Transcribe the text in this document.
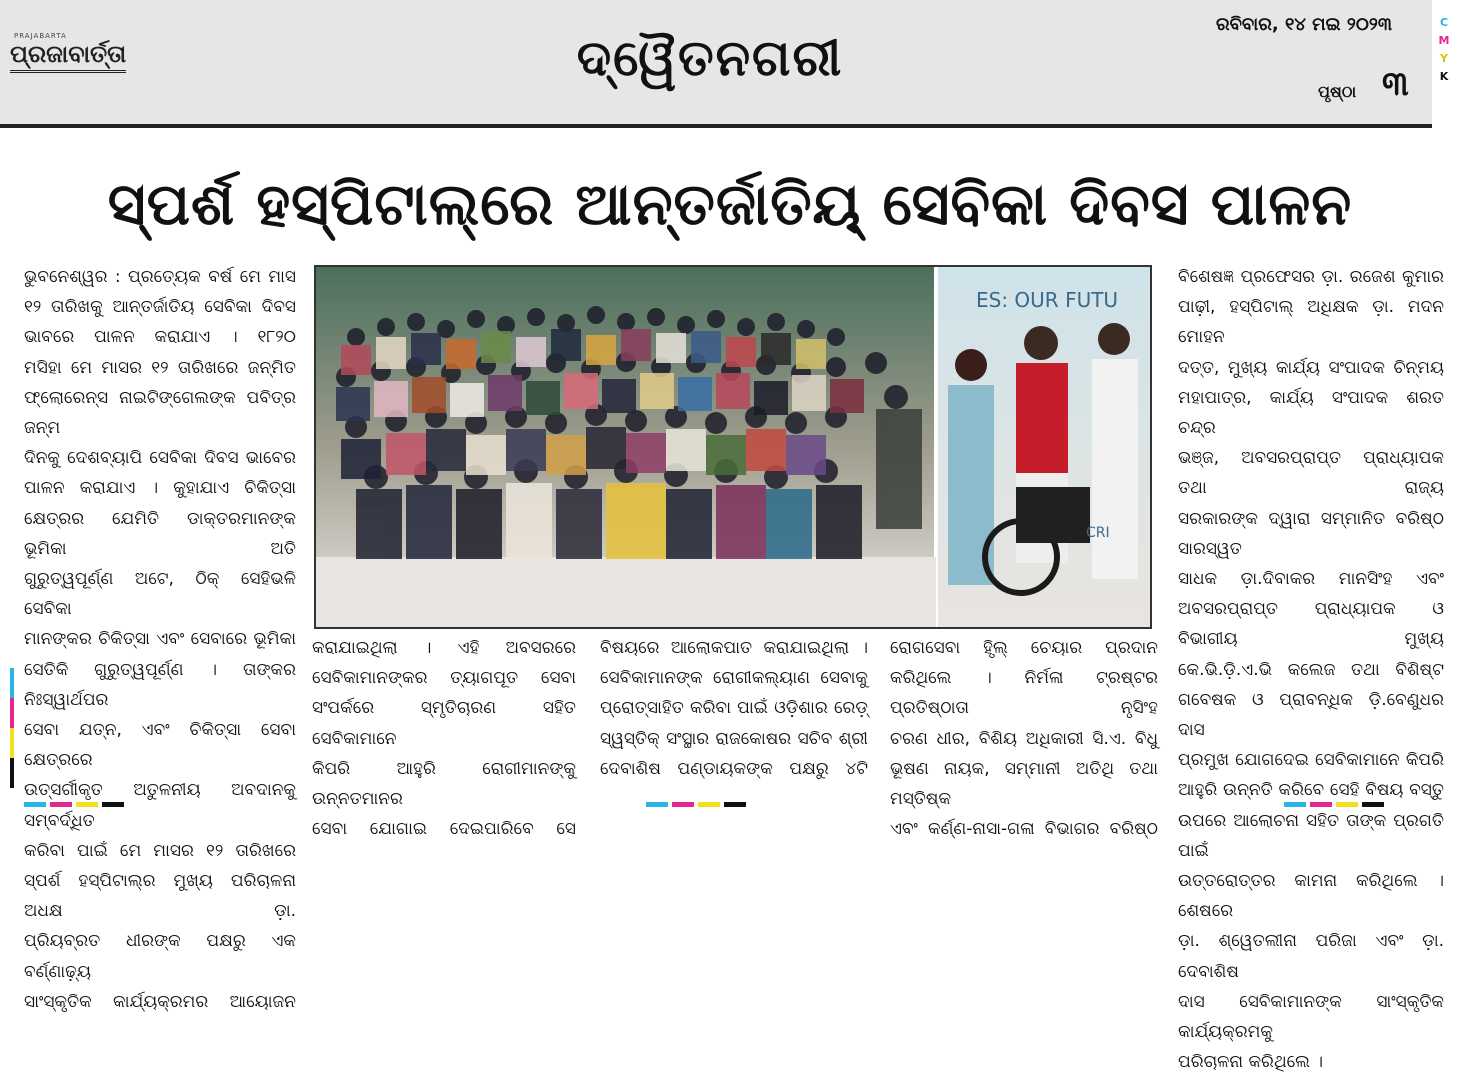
PRAJABARTA
ପ୍ରଜାବାର୍ତ୍ତା	ଦ୍ୱୈତନଗରୀ
ରବିବାର, ୧୪ ମଇ ୨୦୨୩
ପୃଷ୍ଠା ୩
C
M
Y
K
ସ୍ପର୍ଶ ହସ୍ପିଟାଲ୍‌ରେ ଆନ୍ତର୍ଜାତିୟ୍ ସେବିକା ଦିବସ ପାଳନ
ଭୁବନେଶ୍ୱର : ପ୍ରତ୍ୟେକ ବର୍ଷ ମେ ମାସ
୧୨ ତାରିଖକୁ ଆନ୍ତର୍ଜାତିୟ ସେବିକା ଦିବସ
ଭାବରେ ପାଳନ କରାଯାଏ । ୧୮୨୦
ମସିହା ମେ ମାସର ୧୨ ତାରିଖରେ ଜନ୍ମିତ
ଫ୍ଲୋରେନ୍ସ ନାଇଟିଙ୍ଗେଲଙ୍କ ପବିତ୍ର ଜନ୍ମ
ଦିନକୁ ଦେଶବ୍ୟାପି ସେବିକା ଦିବସ ଭାବେର
ପାଳନ କରାଯାଏ । କୁହାଯାଏ ଚିକିତ୍ସା
କ୍ଷେତ୍ରର ଯେମିତି ଡାକ୍ତରମାନଙ୍କ ଭୂମିକା ଅତି
ଗୁରୁତ୍ୱପୂର୍ଣ୍ଣ ଅଟେ, ଠିକ୍ ସେହିଭଳି ସେବିକା
ମାନଙ୍କର ଚିକିତ୍ସା ଏବଂ ସେବାରେ ଭୂମିକା
ସେତିକି ଗୁରୁତ୍ୱପୂର୍ଣ୍ଣ । ତାଙ୍କର ନିଃସ୍ୱାର୍ଥପର
ସେବା ଯତ୍ନ, ଏବଂ ଚିକିତ୍ସା ସେବା କ୍ଷେତ୍ରରେ
ଉତ୍ସର୍ଗୀକୃତ ଅତୁଳନୀୟ ଅବଦାନକୁ ସମ୍ବର୍ଦ୍ଧିତ
କରିବା ପାଇଁ ମେ ମାସର ୧୨ ତାରିଖରେ
ସ୍ପର୍ଶ ହସ୍ପିଟାଲ୍‌ର ମୁଖ୍ୟ ପରିଚାଳନା ଅଧକ୍ଷ ଡ଼ା.
ପ୍ରିୟବ୍ରତ ଧୀରଙ୍କ ପକ୍ଷରୁ ଏକ ବର୍ଣ୍ଣାଢ଼୍ୟ
ସାଂସ୍କୃତିକ କାର୍ଯ୍ୟକ୍ରମର ଆୟୋଜନ
ES: OUR FUTU
CRI
କରାଯାଇଥିଲା । ଏହି ଅବସରରେ
ସେବିକାମାନଙ୍କର ତ୍ୟାଗପୂତ ସେବା
ସଂପର୍କରେ ସ୍ମୃତିଚାରଣ ସହିତ ସେବିକାମାନେ
କିପରି ଆହୁରି ରୋଗୀମାନଙ୍କୁ ଉନ୍ନତମାନର
ସେବା ଯୋଗାଇ ଦେଇପାରିବେ ସେ
ବିଷୟରେ ଆଲୋକପାତ କରାଯାଇଥିଲା ।
ସେବିକାମାନଙ୍କ ରୋଗୀକଲ୍ୟାଣ ସେବାକୁ
ପ୍ରୋତ୍ସାହିତ କରିବା ପାଇଁ ଓଡ଼ିଶାର ରେଡ଼୍
ସ୍ୱସ୍ତିକ୍ ସଂସ୍ଥାର ରାଜକୋଷର ସଚିବ ଶ୍ରୀ
ଦେବାଶିଷ ପଣ୍ଡାୟକଙ୍କ ପକ୍ଷରୁ ୪ଟି
ରୋଗସେବା ହୃିଲ୍ ଚେୟାର ପ୍ରଦାନ
କରିଥିଲେ । ନିର୍ମଳା ଟ୍ରଷ୍ଟର ପ୍ରତିଷ୍ଠାତା ନୃସିଂହ
ଚରଣ ଧୀର, ବିଶିୟ ଅଧିକାରୀ ସି.ଏ. ବିଧୁ
ଭୂଷଣ ନାୟକ, ସମ୍ମାନୀ ଅତିଥି ତଥା ମସ୍ତିଷ୍କ
ଏବଂ କର୍ଣ୍ଣ-ନାସା-ଗଳା ବିଭାଗର ବରିଷ୍ଠ
ବିଶେଷଜ୍ଞ ପ୍ରଫେସର ଡ଼ା. ରଜେଶ କୁମାର
ପାଢ଼ୀ, ହସ୍ପିଟାଲ୍ ଅଧିକ୍ଷକ ଡ଼ା. ମଦନ ମୋହନ
ଦତ୍ତ, ମୁଖ୍ୟ କାର୍ଯ୍ୟ ସଂପାଦକ ଚିନ୍ମୟ
ମହାପାତ୍ର, କାର୍ଯ୍ୟ ସଂପାଦକ ଶରତ ଚନ୍ଦ୍ର
ଭଞ୍ଜ, ଅବସରପ୍ରାପ୍ତ ପ୍ରାଧ୍ୟାପକ ତଥା ରାଜ୍ୟ
ସରକାରଙ୍କ ଦ୍ୱାରା ସମ୍ମାନିତ ବରିଷ୍ଠ ସାରସ୍ୱତ
ସାଧକ ଡ଼ା.ଦିବାକର ମାନସିଂହ ଏବଂ
ଅବସରପ୍ରାପ୍ତ ପ୍ରାଧ୍ୟାପକ ଓ ବିଭାଗୀୟ ମୁଖ୍ୟ
କେ.ଭି.ଡ଼ି.ଏ.ଭି କଲେଜ ତଥା ବିଶିଷ୍ଟ
ଗବେଷକ ଓ ପ୍ରାବନ୍ଧିକ ଡ଼ି.ବେଣୁଧର ଦାସ
ପ୍ରମୁଖ ଯୋଗଦେଇ ସେବିକାମାନେ କିପରି
ଆହୁରି ଉନ୍ନତି କରିବେ ସେହି ବିଷୟ ବସ୍ତୁ
ଉପରେ ଆଲୋଚନା ସହିତ ତାଙ୍କ ପ୍ରଗତି ପାଇଁ
ଉତ୍ତରୋତ୍ତର କାମନା କରିଥିଲେ । ଶେଷରେ
ଡ଼ା. ଶ୍ୱେତଲୀନା ପରିଜା ଏବଂ ଡ଼ା. ଦେବାଶିଷ
ଦାସ ସେବିକାମାନଙ୍କ ସାଂସ୍କୃତିକ କାର୍ଯ୍ୟକ୍ରମକୁ
ପରିଚାଳନା କରିଥିଲେ ।
